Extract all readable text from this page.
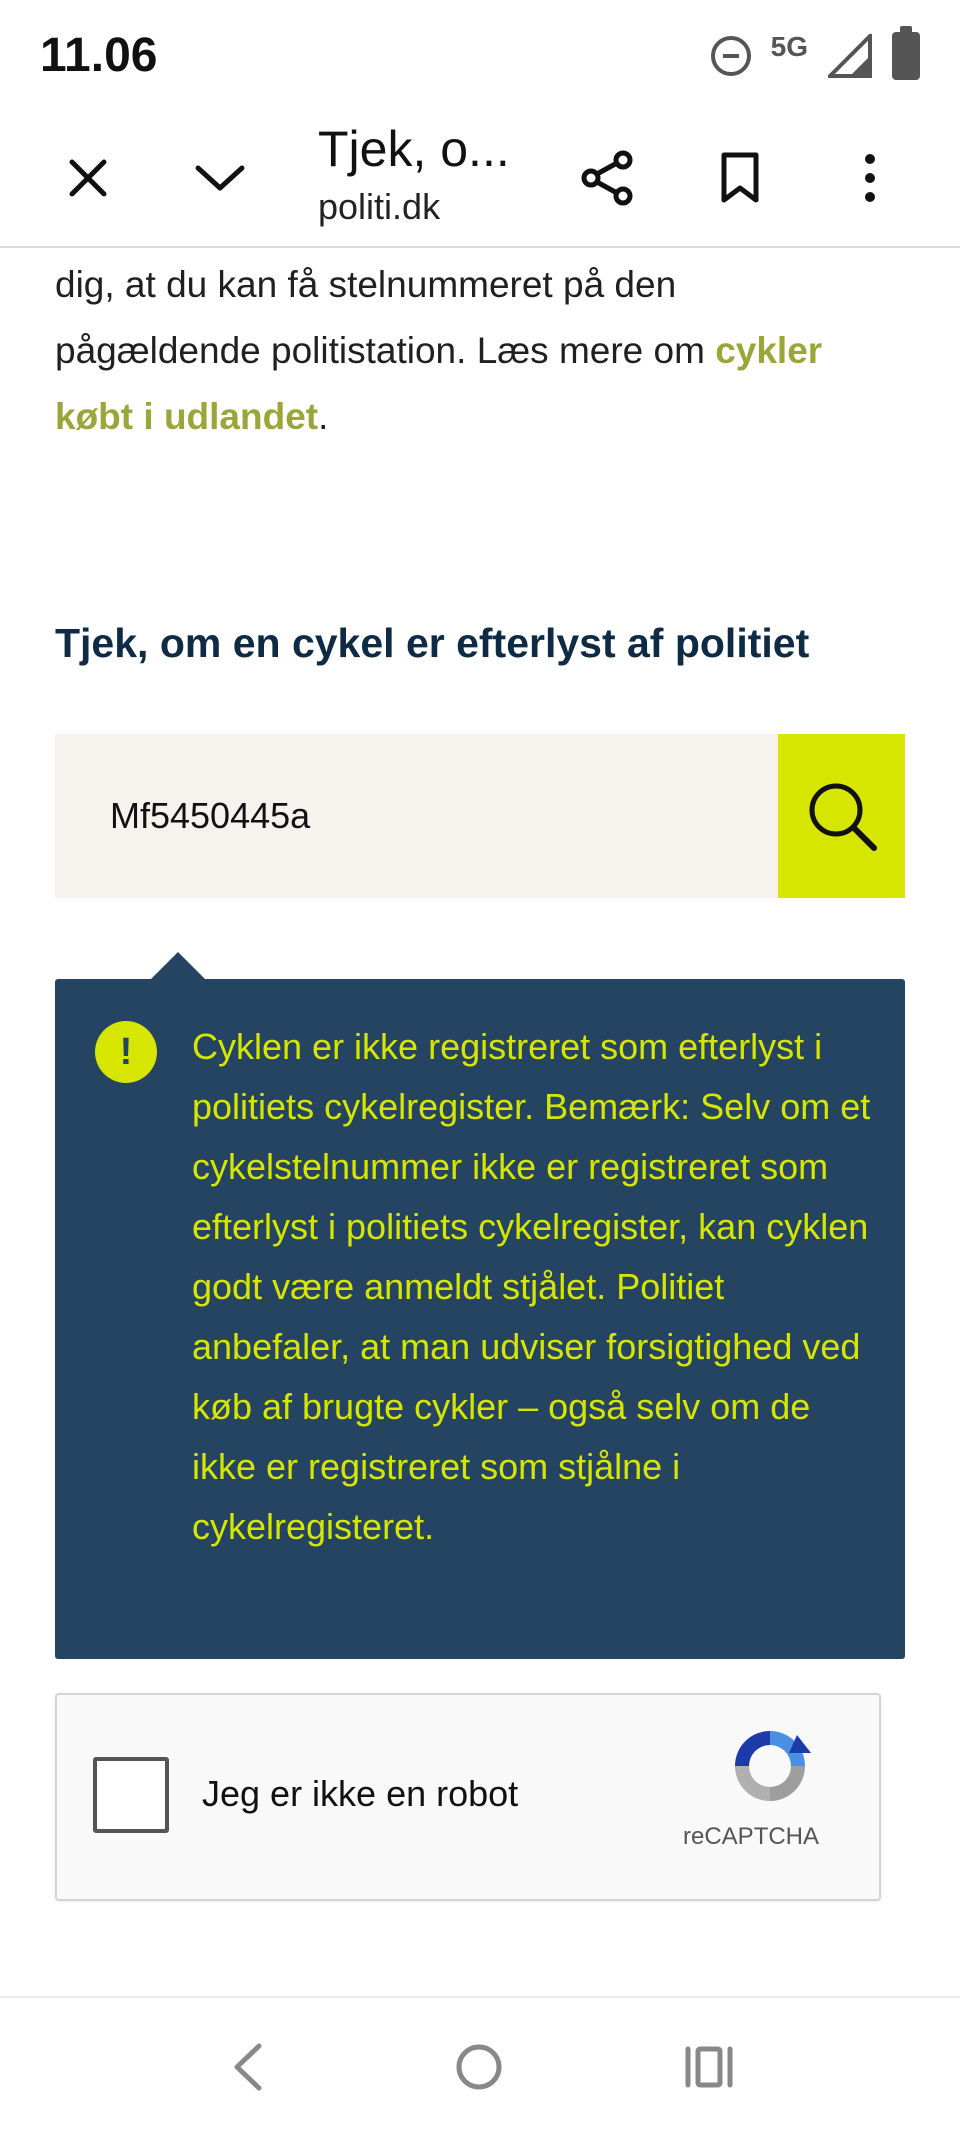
11.06	5G
Tjek, o...
politi.dk
dig, at du kan få stelnummeret på den
pågældende politistation. Læs mere om cykler
købt i udlandet.
Tjek, om en cykel er efterlyst af politiet
Mf5450445a
!	Cyklen er ikke registreret som efterlyst i politiets cykelregister. Bemærk: Selv om et cykelstelnummer ikke er registreret som efterlyst i politiets cykelregister, kan cyklen godt være anmeldt stjålet. Politiet anbefaler, at man udviser forsigtighed ved køb af brugte cykler – også selv om de ikke er registreret som stjålne i cykelregisteret.
Jeg er ikke en robot
reCAPTCHA
